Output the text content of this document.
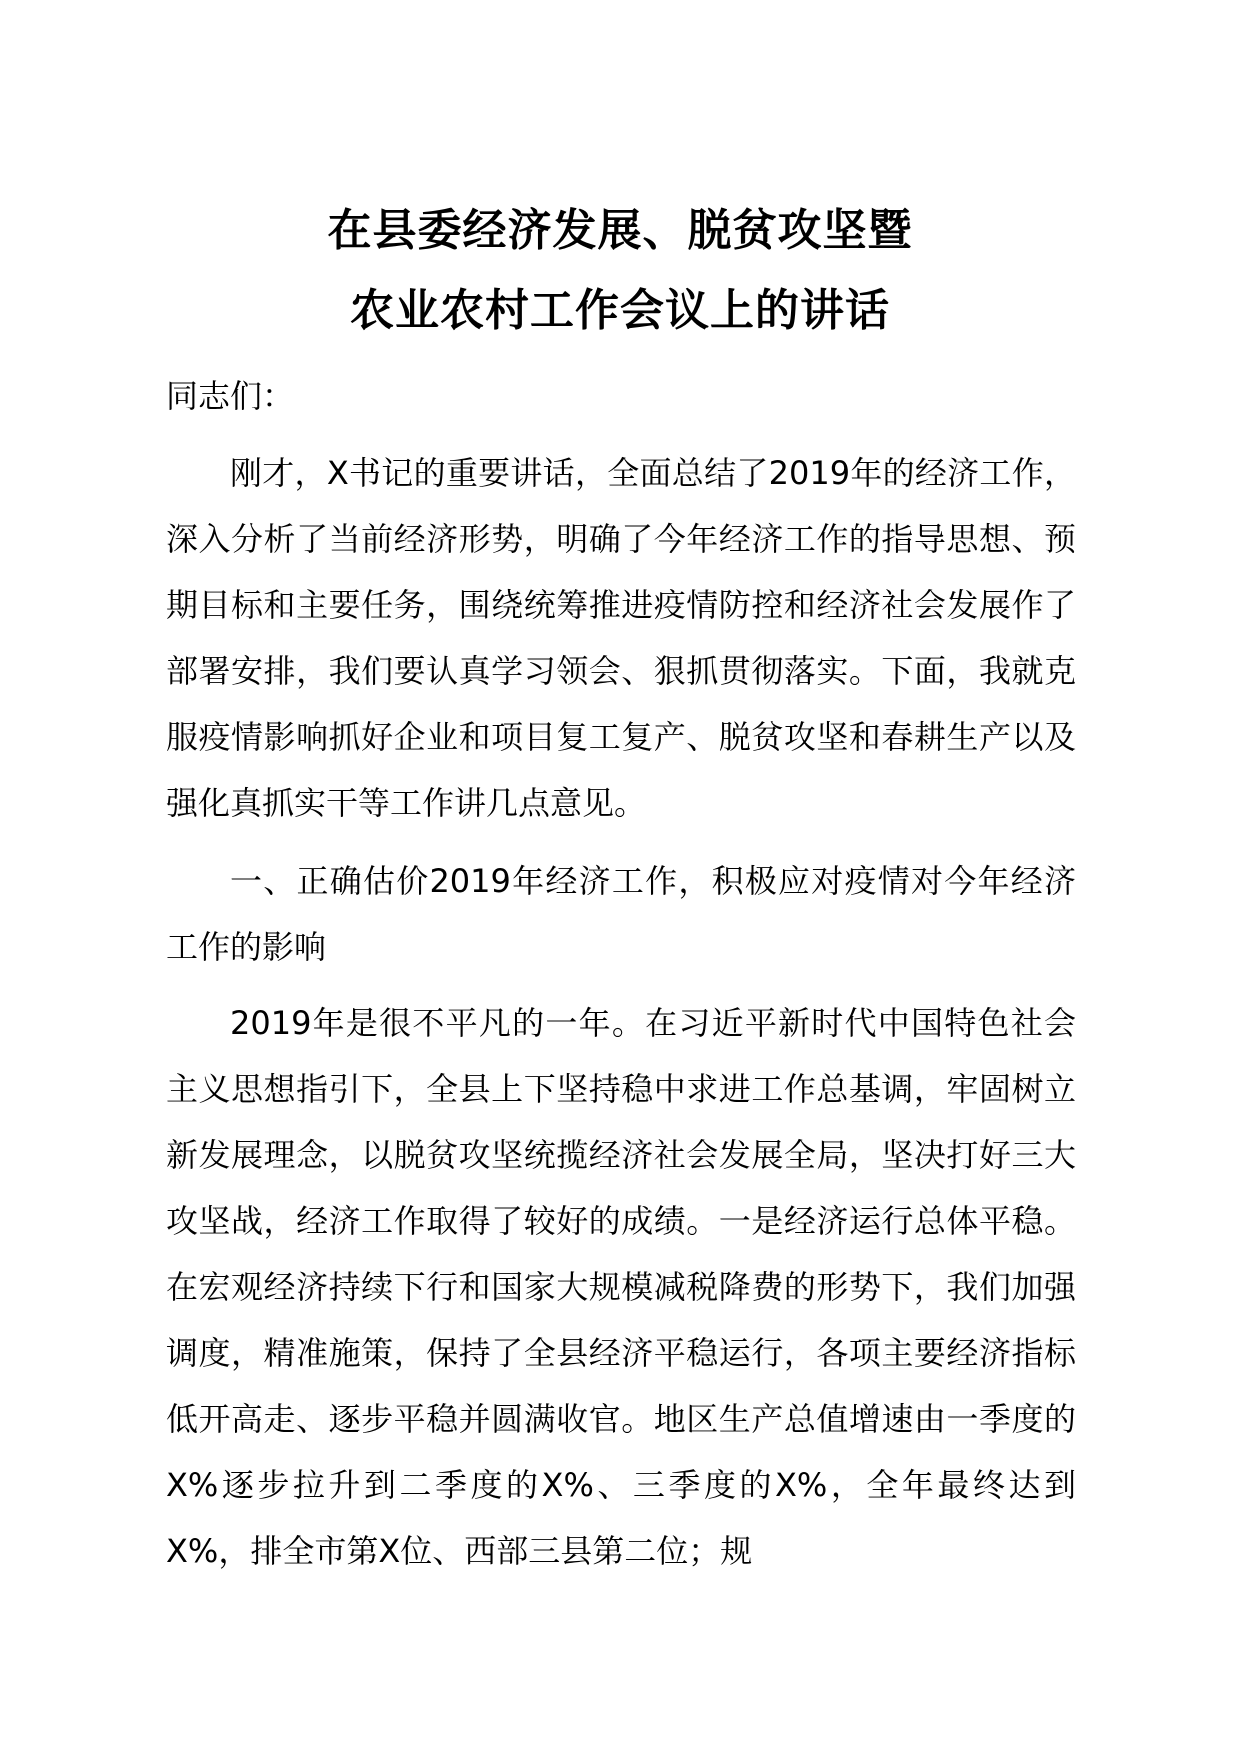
在县委经济发展、脱贫攻坚暨
农业农村工作会议上的讲话
同志们：
刚才，X书记的重要讲话，全面总结了2019年的经济工作，深入分析了当前经济形势，明确了今年经济工作的指导思想、预期目标和主要任务，围绕统筹推进疫情防控和经济社会发展作了部署安排，我们要认真学习领会、狠抓贯彻落实。下面，我就克服疫情影响抓好企业和项目复工复产、脱贫攻坚和春耕生产以及强化真抓实干等工作讲几点意见。
一、正确估价2019年经济工作，积极应对疫情对今年经济工作的影响
2019年是很不平凡的一年。在习近平新时代中国特色社会主义思想指引下，全县上下坚持稳中求进工作总基调，牢固树立新发展理念，以脱贫攻坚统揽经济社会发展全局，坚决打好三大攻坚战，经济工作取得了较好的成绩。一是经济运行总体平稳。在宏观经济持续下行和国家大规模减税降费的形势下，我们加强调度，精准施策，保持了全县经济平稳运行，各项主要经济指标低开高走、逐步平稳并圆满收官。地区生产总值增速由一季度的X%逐步拉升到二季度的X%、三季度的X%，全年最终达到X%，排全市第X位、西部三县第二位；规
